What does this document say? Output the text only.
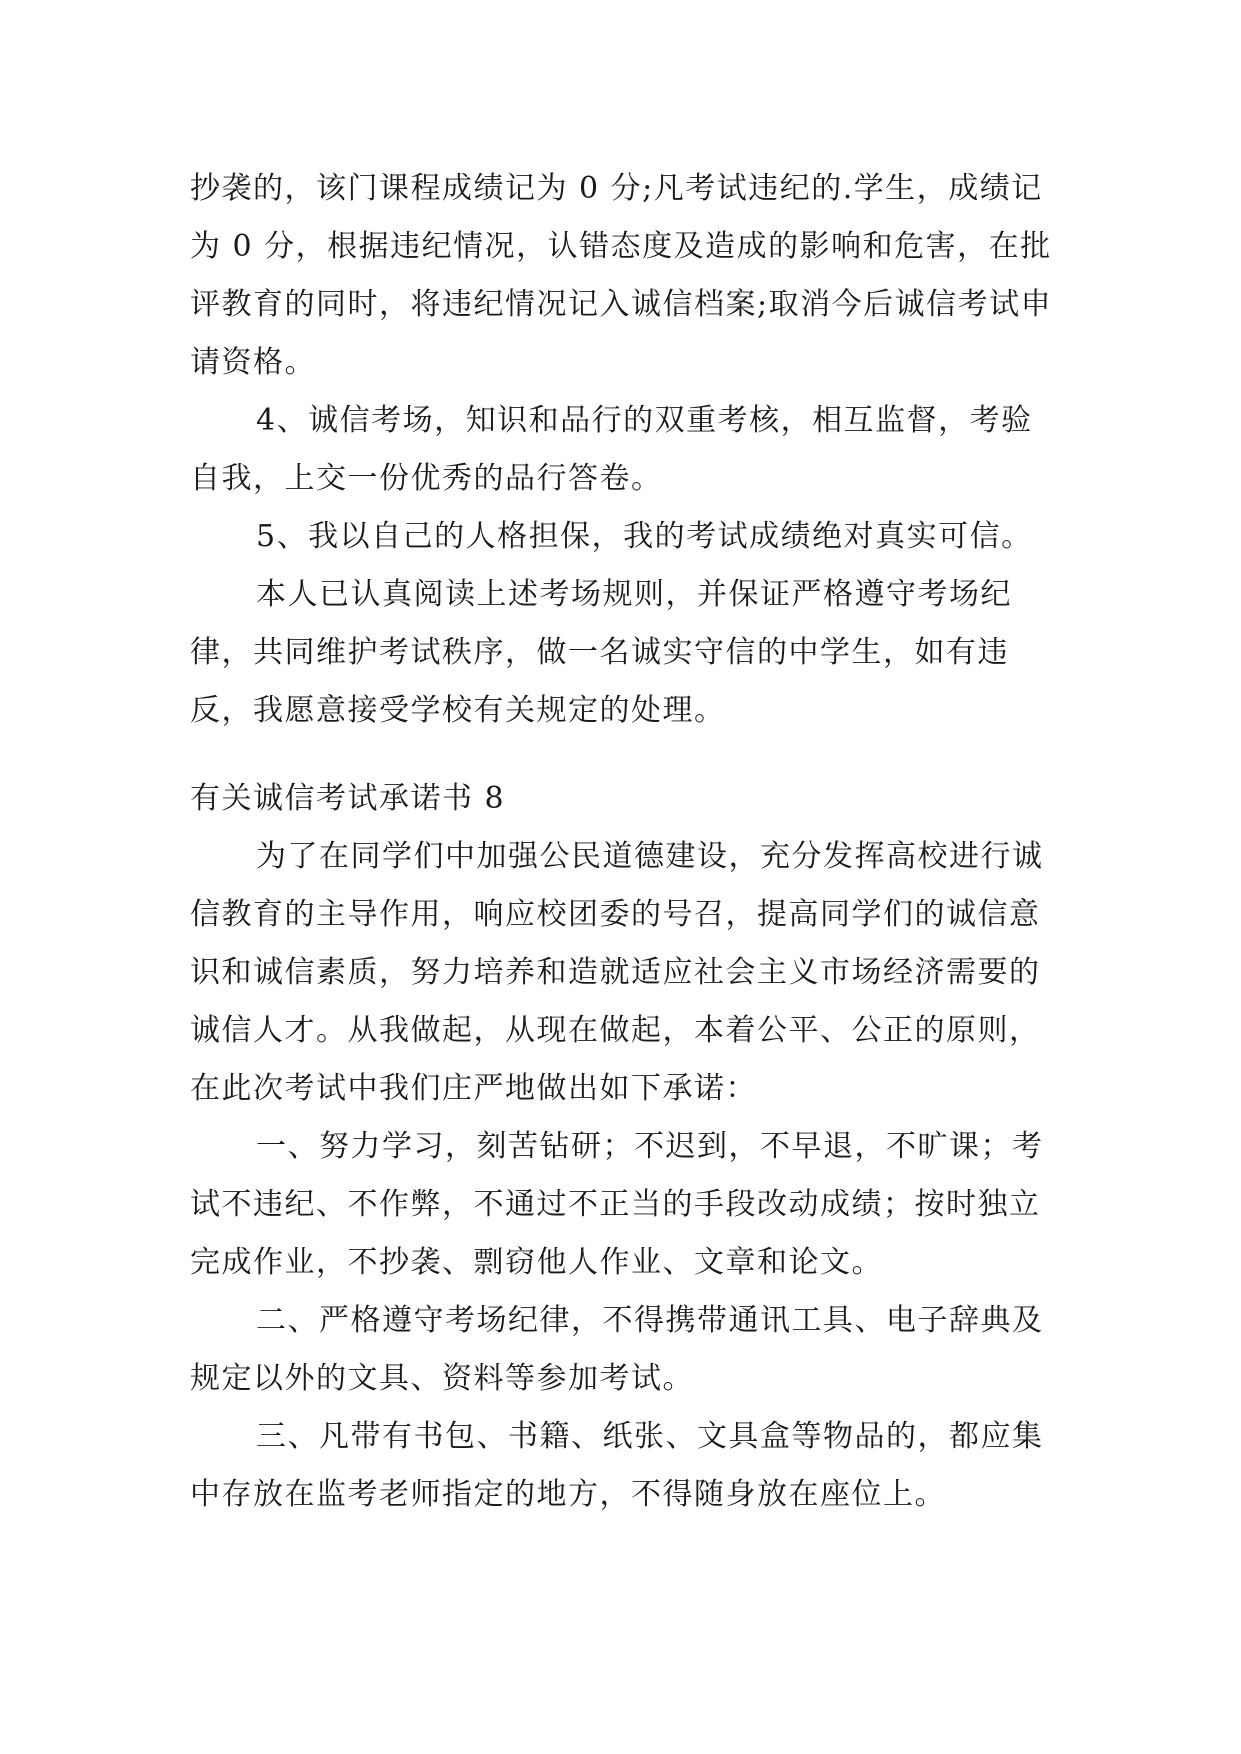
抄袭的，该门课程成绩记为 0 分;凡考试违纪的.学生，成绩记为 0 分，根据违纪情况，认错态度及造成的影响和危害，在批评教育的同时，将违纪情况记入诚信档案;取消今后诚信考试申请资格。

4、诚信考场，知识和品行的双重考核，相互监督，考验自我，上交一份优秀的品行答卷。

5、我以自己的人格担保，我的考试成绩绝对真实可信。

本人已认真阅读上述考场规则，并保证严格遵守考场纪律，共同维护考试秩序，做一名诚实守信的中学生，如有违反，我愿意接受学校有关规定的处理。

有关诚信考试承诺书 8

为了在同学们中加强公民道德建设，充分发挥高校进行诚信教育的主导作用，响应校团委的号召，提高同学们的诚信意识和诚信素质，努力培养和造就适应社会主义市场经济需要的诚信人才。从我做起，从现在做起，本着公平、公正的原则，在此次考试中我们庄严地做出如下承诺：

一、努力学习，刻苦钻研；不迟到，不早退，不旷课；考试不违纪、不作弊，不通过不正当的手段改动成绩；按时独立完成作业，不抄袭、剽窃他人作业、文章和论文。

二、严格遵守考场纪律，不得携带通讯工具、电子辞典及规定以外的文具、资料等参加考试。

三、凡带有书包、书籍、纸张、文具盒等物品的，都应集中存放在监考老师指定的地方，不得随身放在座位上。
